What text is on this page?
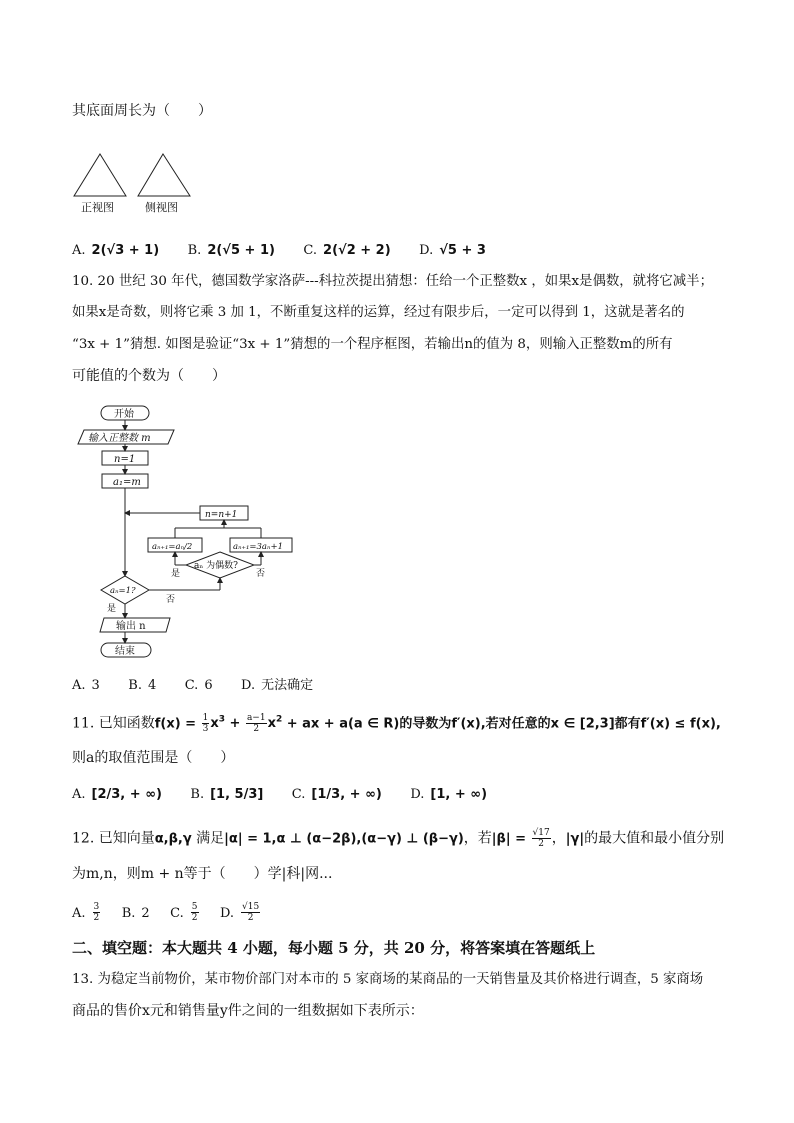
其底面周长为（　　）
正视图	侧视图
A. 2(√3 + 1) B. 2(√5 + 1) C. 2(√2 + 2) D. √5 + 3
10. 20 世纪 30 年代，德国数学家洛萨---科拉茨提出猜想：任给一个正整数x ，如果x是偶数，就将它减半；
如果x是奇数，则将它乘 3 加 1，不断重复这样的运算，经过有限步后，一定可以得到 1，这就是著名的
“3x + 1”猜想. 如图是验证“3x + 1”猜想的一个程序框图，若输出n的值为 8，则输入正整数m的所有
可能值的个数为（　　）
开始
输入正整数 m
n=1
a₁=m
n=n+1
aₙ₊₁=aₙ/2	aₙ₊₁=3aₙ+1
aₙ 为偶数?
是	否
aₙ=1?
否
是
输出 n
结束
A. 3 B. 4 C. 6 D. 无法确定
11. 已知函数$f(x) = \frac{1}{3} x^3 + \frac{a-1}{2} x^2$ + ax + a(a ∈ R)的导数为f′(x),若对任意的x ∈ [2,3]都有f′(x) ≤ f(x),
则a的取值范围是（　　）
A. [2/3, + ∞) B. [1, 5/3] C. [1/3, + ∞) D. [1, + ∞)
12. 已知向量α,β,γ 满足|α| = 1,α ⊥ (α−2β),(α−γ) ⊥ (β−γ)，若$|\beta| = \frac{√17}{2}$ ，|γ|的最大值和最小值分别
为m,n，则m + n等于（　　）学|科|网...
A. $\frac{3}{2} B$. 2 C. $\frac{5}{2} D$. $\frac{√15}{2}$
二、填空题：本大题共 4 小题，每小题 5 分，共 20 分，将答案填在答题纸上
13. 为稳定当前物价，某市物价部门对本市的 5 家商场的某商品的一天销售量及其价格进行调查，5 家商场
商品的售价x元和销售量y件之间的一组数据如下表所示：
